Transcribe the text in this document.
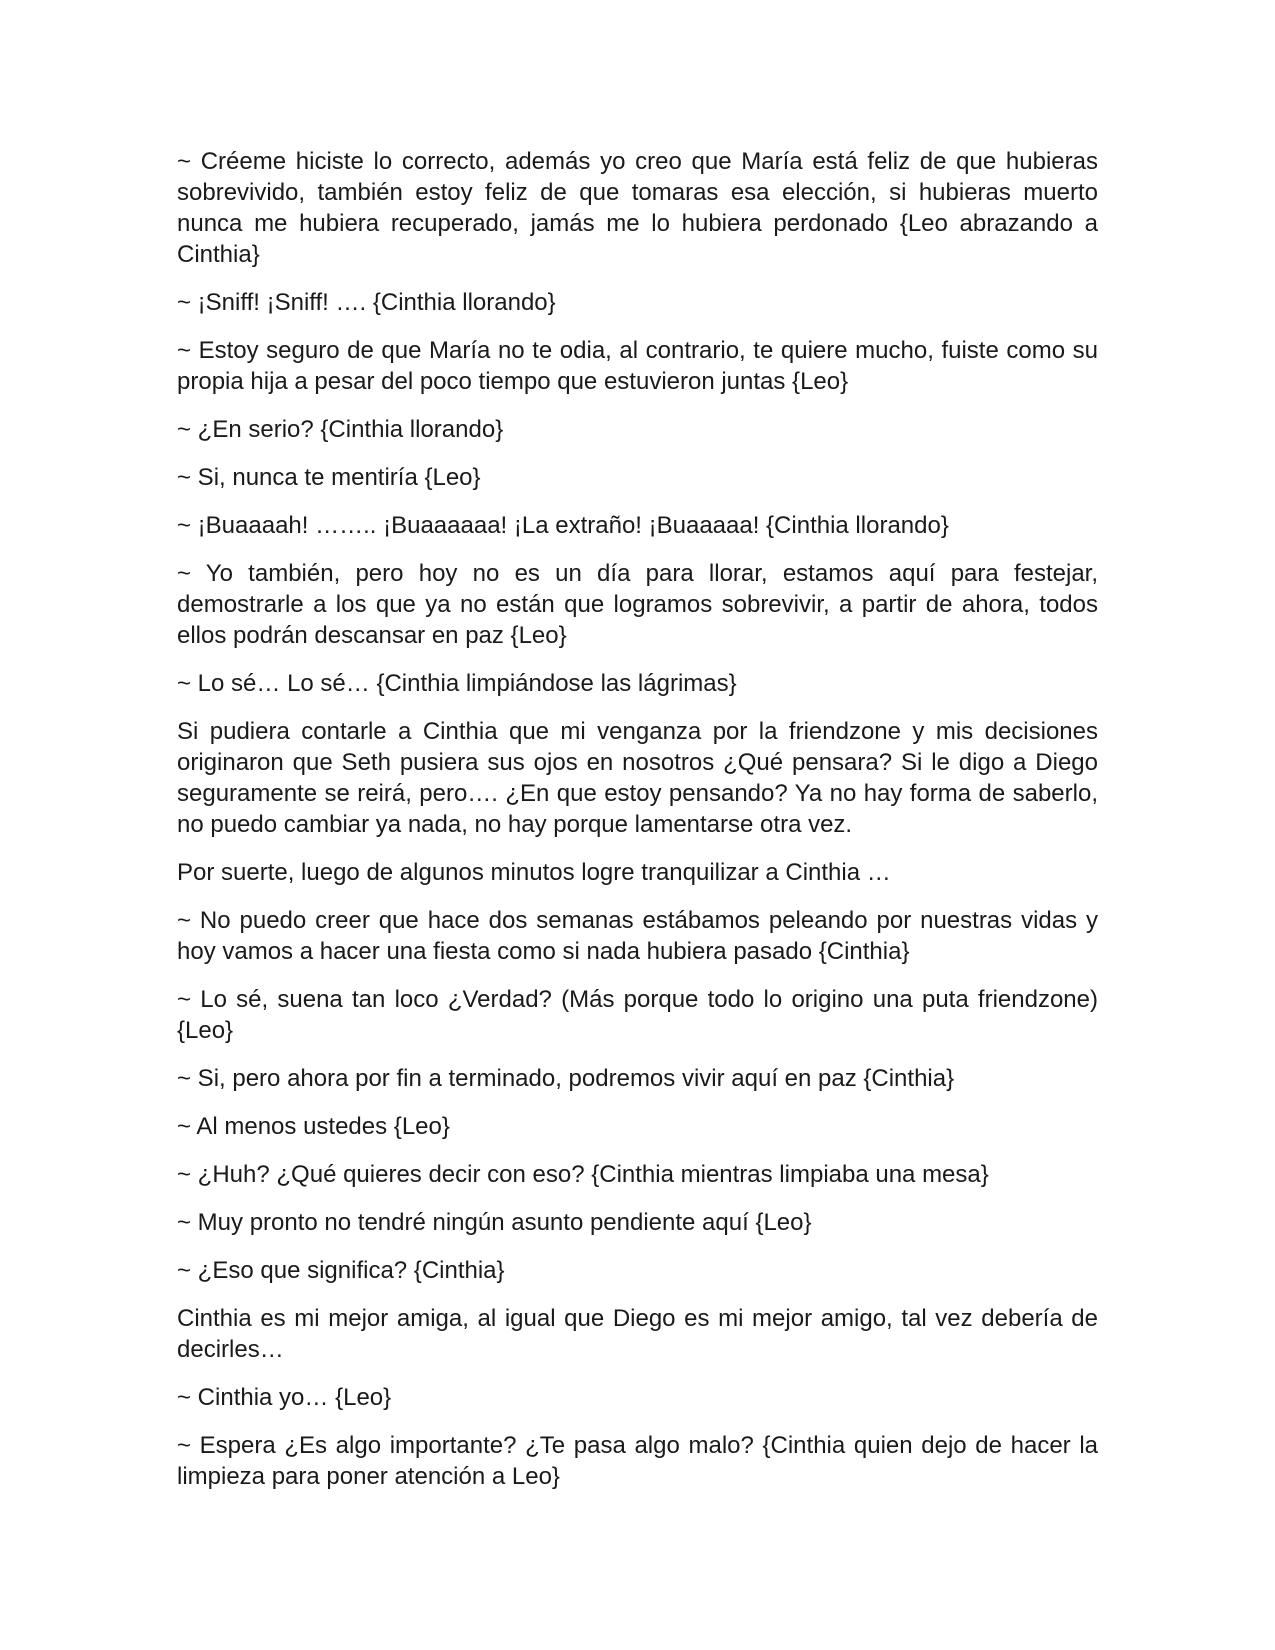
~ Créeme hiciste lo correcto, además yo creo que María está feliz de que hubieras sobrevivido, también estoy feliz de que tomaras esa elección, si hubieras muerto nunca me hubiera recuperado, jamás me lo hubiera perdonado {Leo abrazando a Cinthia}

~ ¡Sniff! ¡Sniff! …. {Cinthia llorando}

~ Estoy seguro de que María no te odia, al contrario, te quiere mucho, fuiste como su propia hija a pesar del poco tiempo que estuvieron juntas {Leo}

~ ¿En serio? {Cinthia llorando}

~ Si, nunca te mentiría {Leo}

~ ¡Buaaaah! …….. ¡Buaaaaaa! ¡La extraño! ¡Buaaaaa! {Cinthia llorando}

~ Yo también, pero hoy no es un día para llorar, estamos aquí para festejar, demostrarle a los que ya no están que logramos sobrevivir, a partir de ahora, todos ellos podrán descansar en paz {Leo}

~ Lo sé… Lo sé… {Cinthia limpiándose las lágrimas}

Si pudiera contarle a Cinthia que mi venganza por la friendzone y mis decisiones originaron que Seth pusiera sus ojos en nosotros ¿Qué pensara? Si le digo a Diego seguramente se reirá, pero…. ¿En que estoy pensando? Ya no hay forma de saberlo, no puedo cambiar ya nada, no hay porque lamentarse otra vez.

Por suerte, luego de algunos minutos logre tranquilizar a Cinthia …

~ No puedo creer que hace dos semanas estábamos peleando por nuestras vidas y hoy vamos a hacer una fiesta como si nada hubiera pasado {Cinthia}

~ Lo sé, suena tan loco ¿Verdad? (Más porque todo lo origino una puta friendzone) {Leo}

~ Si, pero ahora por fin a terminado, podremos vivir aquí en paz {Cinthia}

~ Al menos ustedes {Leo}

~ ¿Huh? ¿Qué quieres decir con eso? {Cinthia mientras limpiaba una mesa}

~ Muy pronto no tendré ningún asunto pendiente aquí {Leo}

~ ¿Eso que significa? {Cinthia}

Cinthia es mi mejor amiga, al igual que Diego es mi mejor amigo, tal vez debería de decirles…

~ Cinthia yo… {Leo}

~ Espera ¿Es algo importante? ¿Te pasa algo malo? {Cinthia quien dejo de hacer la limpieza para poner atención a Leo}
